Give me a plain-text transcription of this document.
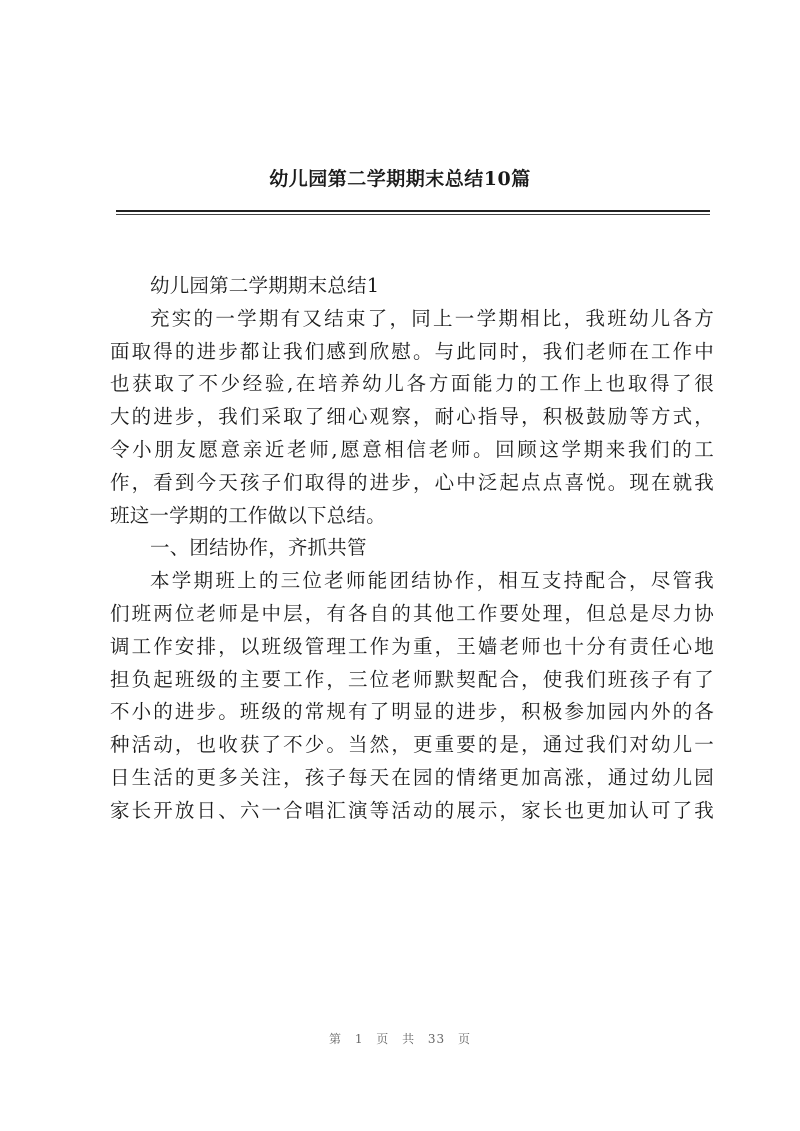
幼儿园第二学期期末总结10篇
幼儿园第二学期期末总结1
充实的一学期有又结束了，同上一学期相比，我班幼儿各方
面取得的进步都让我们感到欣慰。与此同时，我们老师在工作中
也获取了不少经验,在培养幼儿各方面能力的工作上也取得了很
大的进步，我们采取了细心观察，耐心指导，积极鼓励等方式，
令小朋友愿意亲近老师,愿意相信老师。回顾这学期来我们的工
作，看到今天孩子们取得的进步，心中泛起点点喜悦。现在就我
班这一学期的工作做以下总结。
一、团结协作，齐抓共管
本学期班上的三位老师能团结协作，相互支持配合，尽管我
们班两位老师是中层，有各自的其他工作要处理，但总是尽力协
调工作安排，以班级管理工作为重，王嫱老师也十分有责任心地
担负起班级的主要工作，三位老师默契配合，使我们班孩子有了
不小的进步。班级的常规有了明显的进步，积极参加园内外的各
种活动，也收获了不少。当然，更重要的是，通过我们对幼儿一
日生活的更多关注，孩子每天在园的情绪更加高涨，通过幼儿园
家长开放日、六一合唱汇演等活动的展示，家长也更加认可了我
第 1 页 共 33 页
